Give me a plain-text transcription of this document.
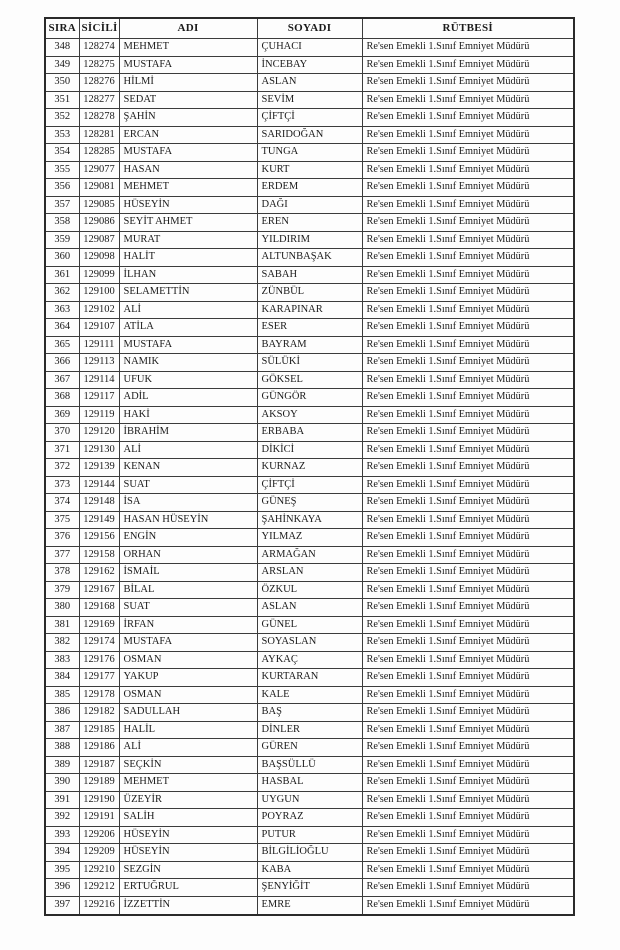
SIRA	SİCİLİ	ADI	SOYADI	RÜTBESİ
348	128274	MEHMET	ÇUHACI	Re'sen Emekli 1.Sınıf Emniyet Müdürü
349	128275	MUSTAFA	İNCEBAY	Re'sen Emekli 1.Sınıf Emniyet Müdürü
350	128276	HİLMİ	ASLAN	Re'sen Emekli 1.Sınıf Emniyet Müdürü
351	128277	SEDAT	SEVİM	Re'sen Emekli 1.Sınıf Emniyet Müdürü
352	128278	ŞAHİN	ÇİFTÇİ	Re'sen Emekli 1.Sınıf Emniyet Müdürü
353	128281	ERCAN	SARIDOĞAN	Re'sen Emekli 1.Sınıf Emniyet Müdürü
354	128285	MUSTAFA	TUNGA	Re'sen Emekli 1.Sınıf Emniyet Müdürü
355	129077	HASAN	KURT	Re'sen Emekli 1.Sınıf Emniyet Müdürü
356	129081	MEHMET	ERDEM	Re'sen Emekli 1.Sınıf Emniyet Müdürü
357	129085	HÜSEYİN	DAĞI	Re'sen Emekli 1.Sınıf Emniyet Müdürü
358	129086	SEYİT AHMET	EREN	Re'sen Emekli 1.Sınıf Emniyet Müdürü
359	129087	MURAT	YILDIRIM	Re'sen Emekli 1.Sınıf Emniyet Müdürü
360	129098	HALİT	ALTUNBAŞAK	Re'sen Emekli 1.Sınıf Emniyet Müdürü
361	129099	İLHAN	SABAH	Re'sen Emekli 1.Sınıf Emniyet Müdürü
362	129100	SELAMETTİN	ZÜNBÜL	Re'sen Emekli 1.Sınıf Emniyet Müdürü
363	129102	ALİ	KARAPINAR	Re'sen Emekli 1.Sınıf Emniyet Müdürü
364	129107	ATİLA	ESER	Re'sen Emekli 1.Sınıf Emniyet Müdürü
365	129111	MUSTAFA	BAYRAM	Re'sen Emekli 1.Sınıf Emniyet Müdürü
366	129113	NAMIK	SÜLÜKİ	Re'sen Emekli 1.Sınıf Emniyet Müdürü
367	129114	UFUK	GÖKSEL	Re'sen Emekli 1.Sınıf Emniyet Müdürü
368	129117	ADİL	GÜNGÖR	Re'sen Emekli 1.Sınıf Emniyet Müdürü
369	129119	HAKİ	AKSOY	Re'sen Emekli 1.Sınıf Emniyet Müdürü
370	129120	İBRAHİM	ERBABA	Re'sen Emekli 1.Sınıf Emniyet Müdürü
371	129130	ALİ	DİKİCİ	Re'sen Emekli 1.Sınıf Emniyet Müdürü
372	129139	KENAN	KURNAZ	Re'sen Emekli 1.Sınıf Emniyet Müdürü
373	129144	SUAT	ÇİFTÇİ	Re'sen Emekli 1.Sınıf Emniyet Müdürü
374	129148	İSA	GÜNEŞ	Re'sen Emekli 1.Sınıf Emniyet Müdürü
375	129149	HASAN HÜSEYİN	ŞAHİNKAYA	Re'sen Emekli 1.Sınıf Emniyet Müdürü
376	129156	ENGİN	YILMAZ	Re'sen Emekli 1.Sınıf Emniyet Müdürü
377	129158	ORHAN	ARMAĞAN	Re'sen Emekli 1.Sınıf Emniyet Müdürü
378	129162	İSMAİL	ARSLAN	Re'sen Emekli 1.Sınıf Emniyet Müdürü
379	129167	BİLAL	ÖZKUL	Re'sen Emekli 1.Sınıf Emniyet Müdürü
380	129168	SUAT	ASLAN	Re'sen Emekli 1.Sınıf Emniyet Müdürü
381	129169	İRFAN	GÜNEL	Re'sen Emekli 1.Sınıf Emniyet Müdürü
382	129174	MUSTAFA	SOYASLAN	Re'sen Emekli 1.Sınıf Emniyet Müdürü
383	129176	OSMAN	AYKAÇ	Re'sen Emekli 1.Sınıf Emniyet Müdürü
384	129177	YAKUP	KURTARAN	Re'sen Emekli 1.Sınıf Emniyet Müdürü
385	129178	OSMAN	KALE	Re'sen Emekli 1.Sınıf Emniyet Müdürü
386	129182	SADULLAH	BAŞ	Re'sen Emekli 1.Sınıf Emniyet Müdürü
387	129185	HALİL	DİNLER	Re'sen Emekli 1.Sınıf Emniyet Müdürü
388	129186	ALİ	GÜREN	Re'sen Emekli 1.Sınıf Emniyet Müdürü
389	129187	SEÇKİN	BAŞSÜLLÜ	Re'sen Emekli 1.Sınıf Emniyet Müdürü
390	129189	MEHMET	HASBAL	Re'sen Emekli 1.Sınıf Emniyet Müdürü
391	129190	ÜZEYİR	UYGUN	Re'sen Emekli 1.Sınıf Emniyet Müdürü
392	129191	SALİH	POYRAZ	Re'sen Emekli 1.Sınıf Emniyet Müdürü
393	129206	HÜSEYİN	PUTUR	Re'sen Emekli 1.Sınıf Emniyet Müdürü
394	129209	HÜSEYİN	BİLGİLİOĞLU	Re'sen Emekli 1.Sınıf Emniyet Müdürü
395	129210	SEZGİN	KABA	Re'sen Emekli 1.Sınıf Emniyet Müdürü
396	129212	ERTUĞRUL	ŞENYİĞİT	Re'sen Emekli 1.Sınıf Emniyet Müdürü
397	129216	İZZETTİN	EMRE	Re'sen Emekli 1.Sınıf Emniyet Müdürü
